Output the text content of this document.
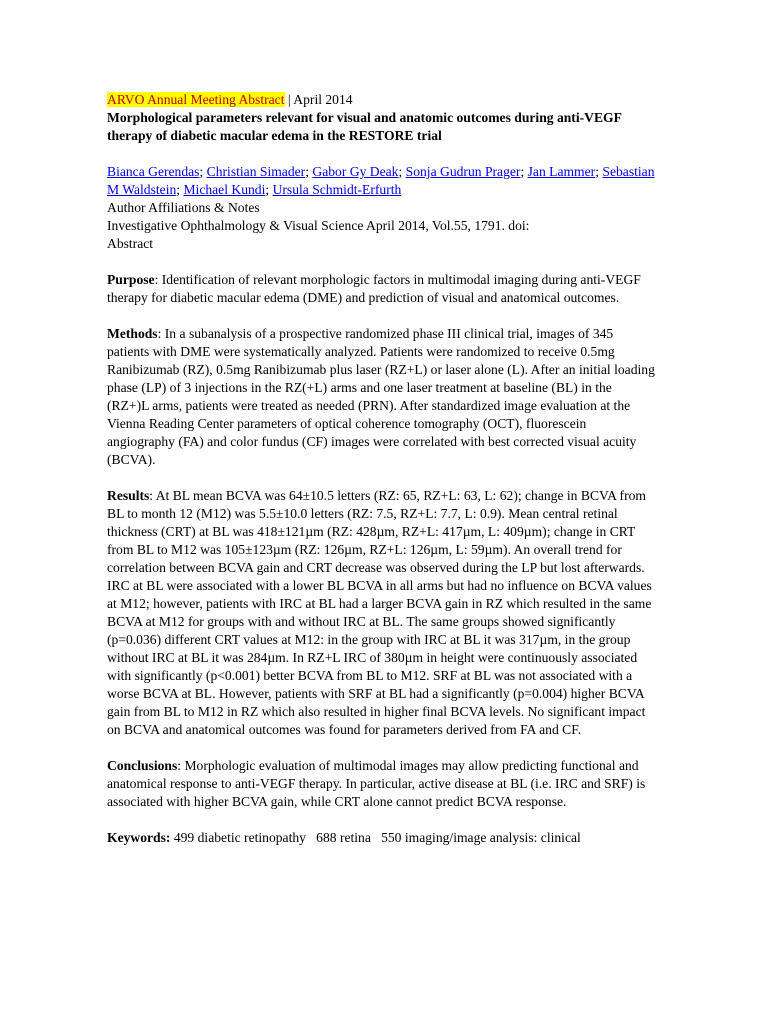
ARVO Annual Meeting Abstract | April 2014

Morphological parameters relevant for visual and anatomic outcomes during anti-VEGF therapy of diabetic macular edema in the RESTORE trial

Bianca Gerendas; Christian Simader; Gabor Gy Deak; Sonja Gudrun Prager; Jan Lammer; Sebastian M Waldstein; Michael Kundi; Ursula Schmidt-Erfurth

Author Affiliations & Notes

Investigative Ophthalmology & Visual Science April 2014, Vol.55, 1791. doi:

Abstract

Purpose: Identification of relevant morphologic factors in multimodal imaging during anti-VEGF therapy for diabetic macular edema (DME) and prediction of visual and anatomical outcomes.

Methods: In a subanalysis of a prospective randomized phase III clinical trial, images of 345 patients with DME were systematically analyzed. Patients were randomized to receive 0.5mg Ranibizumab (RZ), 0.5mg Ranibizumab plus laser (RZ+L) or laser alone (L). After an initial loading phase (LP) of 3 injections in the RZ(+L) arms and one laser treatment at baseline (BL) in the (RZ+)L arms, patients were treated as needed (PRN). After standardized image evaluation at the Vienna Reading Center parameters of optical coherence tomography (OCT), fluorescein angiography (FA) and color fundus (CF) images were correlated with best corrected visual acuity (BCVA).

Results: At BL mean BCVA was 64±10.5 letters (RZ: 65, RZ+L: 63, L: 62); change in BCVA from BL to month 12 (M12) was 5.5±10.0 letters (RZ: 7.5, RZ+L: 7.7, L: 0.9). Mean central retinal thickness (CRT) at BL was 418±121µm (RZ: 428µm, RZ+L: 417µm, L: 409µm); change in CRT from BL to M12 was 105±123µm (RZ: 126µm, RZ+L: 126µm, L: 59µm). An overall trend for correlation between BCVA gain and CRT decrease was observed during the LP but lost afterwards. IRC at BL were associated with a lower BL BCVA in all arms but had no influence on BCVA values at M12; however, patients with IRC at BL had a larger BCVA gain in RZ which resulted in the same BCVA at M12 for groups with and without IRC at BL. The same groups showed significantly (p=0.036) different CRT values at M12: in the group with IRC at BL it was 317µm, in the group without IRC at BL it was 284µm. In RZ+L IRC of 380µm in height were continuously associated with significantly (p<0.001) better BCVA from BL to M12. SRF at BL was not associated with a worse BCVA at BL. However, patients with SRF at BL had a significantly (p=0.004) higher BCVA gain from BL to M12 in RZ which also resulted in higher final BCVA levels. No significant impact on BCVA and anatomical outcomes was found for parameters derived from FA and CF.

Conclusions: Morphologic evaluation of multimodal images may allow predicting functional and anatomical response to anti-VEGF therapy. In particular, active disease at BL (i.e. IRC and SRF) is associated with higher BCVA gain, while CRT alone cannot predict BCVA response.

Keywords: 499 diabetic retinopathy   688 retina   550 imaging/image analysis: clinical
